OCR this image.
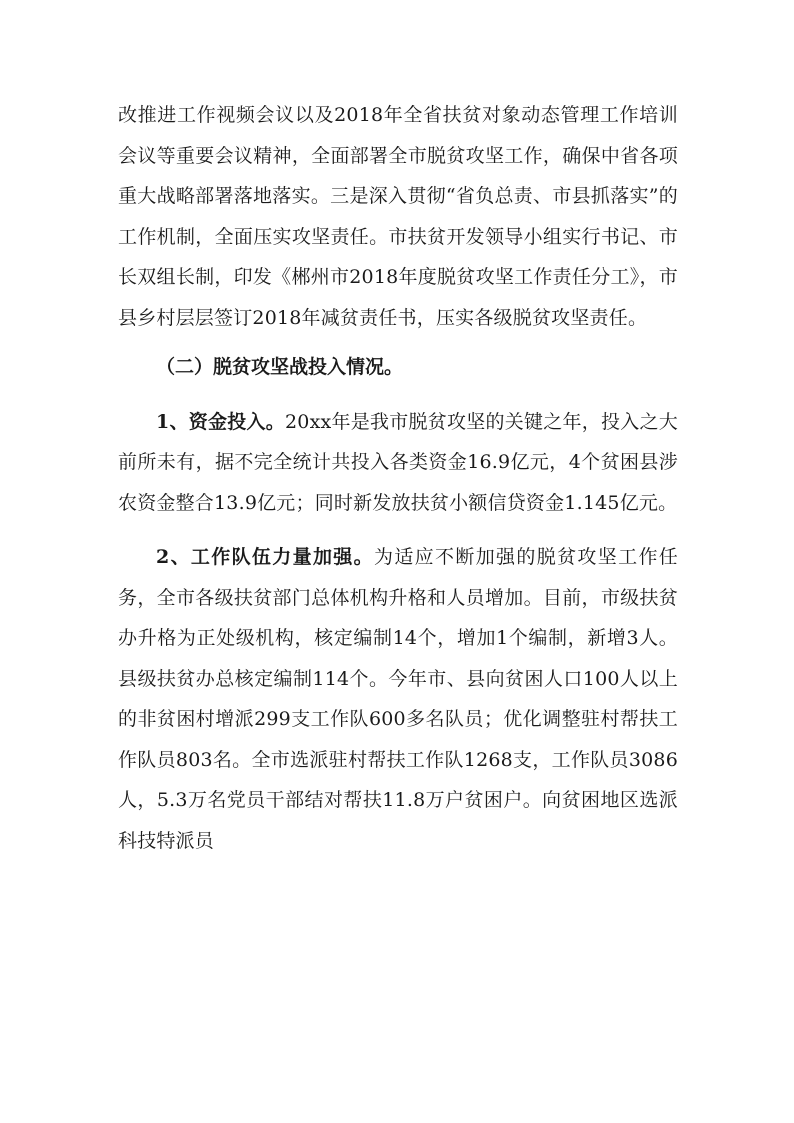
改推进工作视频会议以及2018年全省扶贫对象动态管理工作培训会议等重要会议精神，全面部署全市脱贫攻坚工作，确保中省各项重大战略部署落地落实。三是深入贯彻“省负总责、市县抓落实”的工作机制，全面压实攻坚责任。市扶贫开发领导小组实行书记、市长双组长制，印发《郴州市2018年度脱贫攻坚工作责任分工》，市县乡村层层签订2018年减贫责任书，压实各级脱贫攻坚责任。

（二）脱贫攻坚战投入情况。

1、资金投入。20xx年是我市脱贫攻坚的关键之年，投入之大前所未有，据不完全统计共投入各类资金16.9亿元，4个贫困县涉农资金整合13.9亿元；同时新发放扶贫小额信贷资金1.145亿元。

2、工作队伍力量加强。为适应不断加强的脱贫攻坚工作任务，全市各级扶贫部门总体机构升格和人员增加。目前，市级扶贫办升格为正处级机构，核定编制14个，增加1个编制，新增3人。县级扶贫办总核定编制114个。今年市、县向贫困人口100人以上的非贫困村增派299支工作队600多名队员；优化调整驻村帮扶工作队员803名。全市选派驻村帮扶工作队1268支，工作队员3086人，5.3万名党员干部结对帮扶11.8万户贫困户。向贫困地区选派科技特派员
